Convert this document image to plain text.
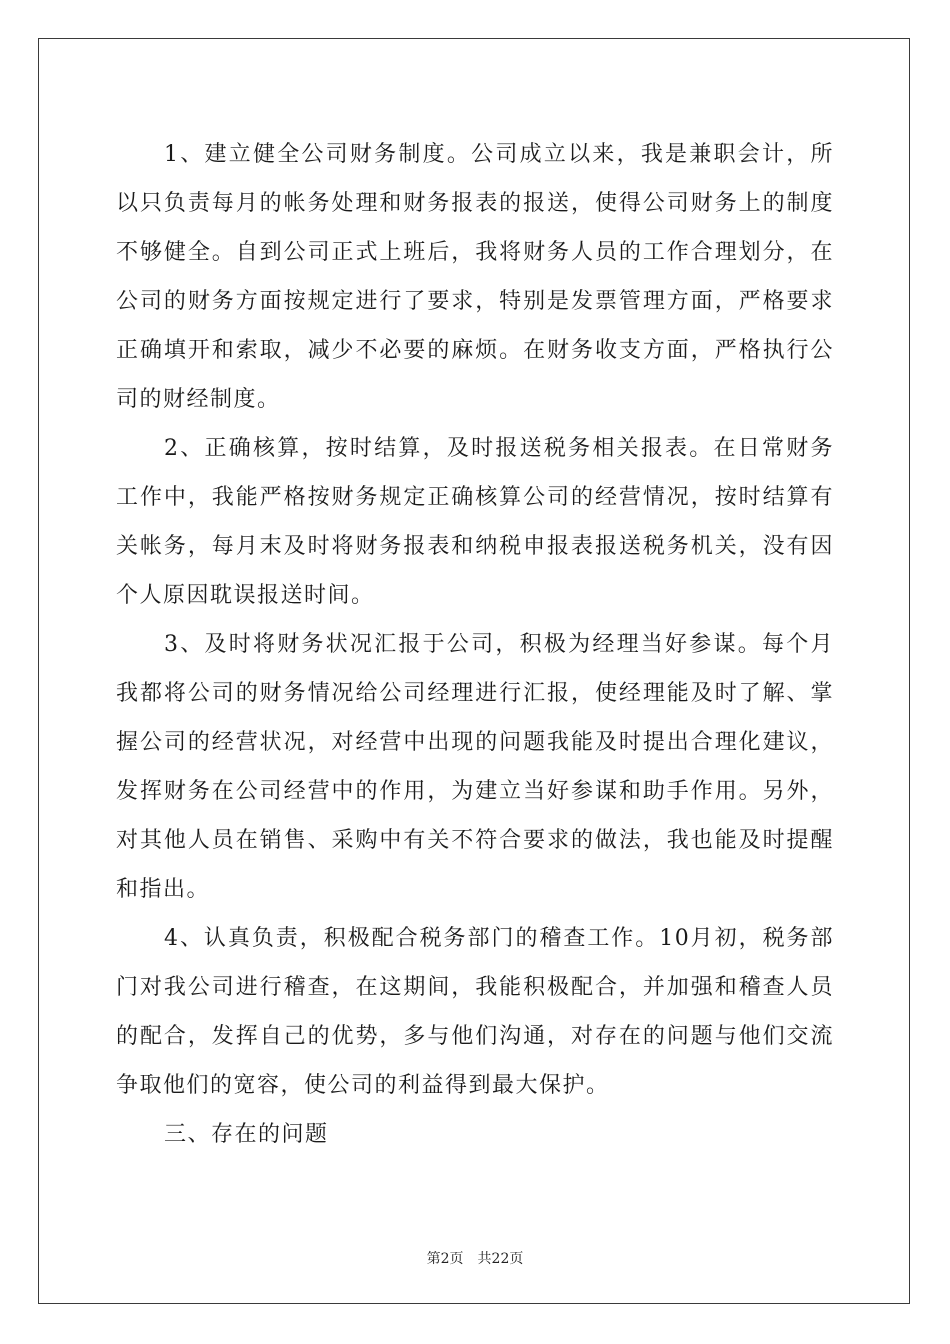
1、建立健全公司财务制度。公司成立以来，我是兼职会计，所以只负责每月的帐务处理和财务报表的报送，使得公司财务上的制度不够健全。自到公司正式上班后，我将财务人员的工作合理划分，在公司的财务方面按规定进行了要求，特别是发票管理方面，严格要求正确填开和索取，减少不必要的麻烦。在财务收支方面，严格执行公司的财经制度。

2、正确核算，按时结算，及时报送税务相关报表。在日常财务工作中，我能严格按财务规定正确核算公司的经营情况，按时结算有关帐务，每月末及时将财务报表和纳税申报表报送税务机关，没有因个人原因耽误报送时间。

3、及时将财务状况汇报于公司，积极为经理当好参谋。每个月我都将公司的财务情况给公司经理进行汇报，使经理能及时了解、掌握公司的经营状况，对经营中出现的问题我能及时提出合理化建议，发挥财务在公司经营中的作用，为建立当好参谋和助手作用。另外，对其他人员在销售、采购中有关不符合要求的做法，我也能及时提醒和指出。

4、认真负责，积极配合税务部门的稽查工作。10月初，税务部门对我公司进行稽查，在这期间，我能积极配合，并加强和稽查人员的配合，发挥自己的优势，多与他们沟通，对存在的问题与他们交流争取他们的宽容，使公司的利益得到最大保护。

三、存在的问题

第2页 共22页
